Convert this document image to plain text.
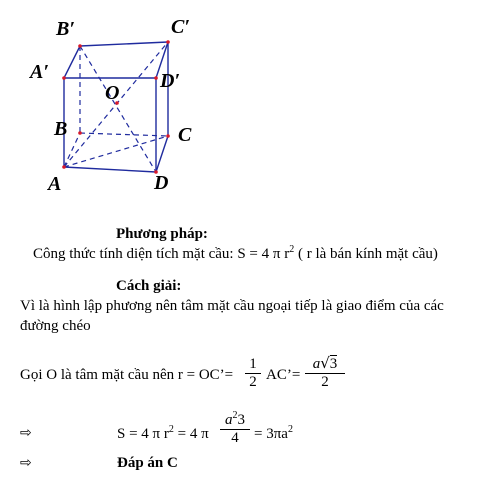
B′	C′
A′	D′
O
B	C
A	D
Phương pháp:
Công thức tính diện tích mặt cầu: S = 4 π $r^2$ ( r là bán kính mặt cầu)
Cách giải:
Vì là hình lập phương nên tâm mặt cầu ngoại tiếp là giao điểm của các
đường chéo
Gọi O là tâm mặt cầu nên r = OC’= $\frac{1}{2}$ AC’= $\frac{a√3}{2}$
⇨	S = 4 π $r^2 = 4$ π $\frac{a^23}{4} = 3\pi a^2$
⇨	Đáp án C
